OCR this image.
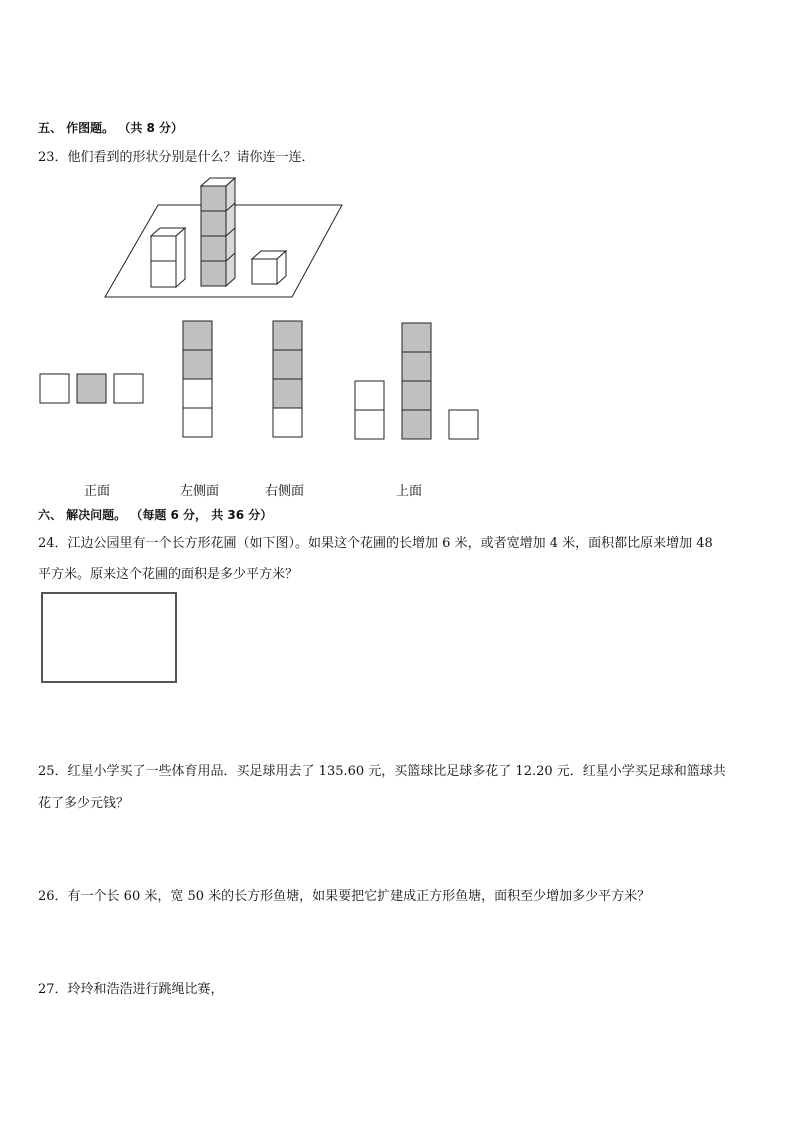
五、 作图题。 （共 8 分）
23．他们看到的形状分别是什么？请你连一连．
正面	左侧面	右侧面	上面
六、 解决问题。 （每题 6 分， 共 36 分）
24．江边公园里有一个长方形花圃（如下图）。如果这个花圃的长增加 6 米，或者宽增加 4 米，面积都比原来增加 48
平方米。原来这个花圃的面积是多少平方米？
25．红星小学买了一些体育用品．买足球用去了 135.60 元，买篮球比足球多花了 12.20 元．红星小学买足球和篮球共
花了多少元钱？
26．有一个长 60 米，宽 50 米的长方形鱼塘，如果要把它扩建成正方形鱼塘，面积至少增加多少平方米？
27．玲玲和浩浩进行跳绳比赛，
